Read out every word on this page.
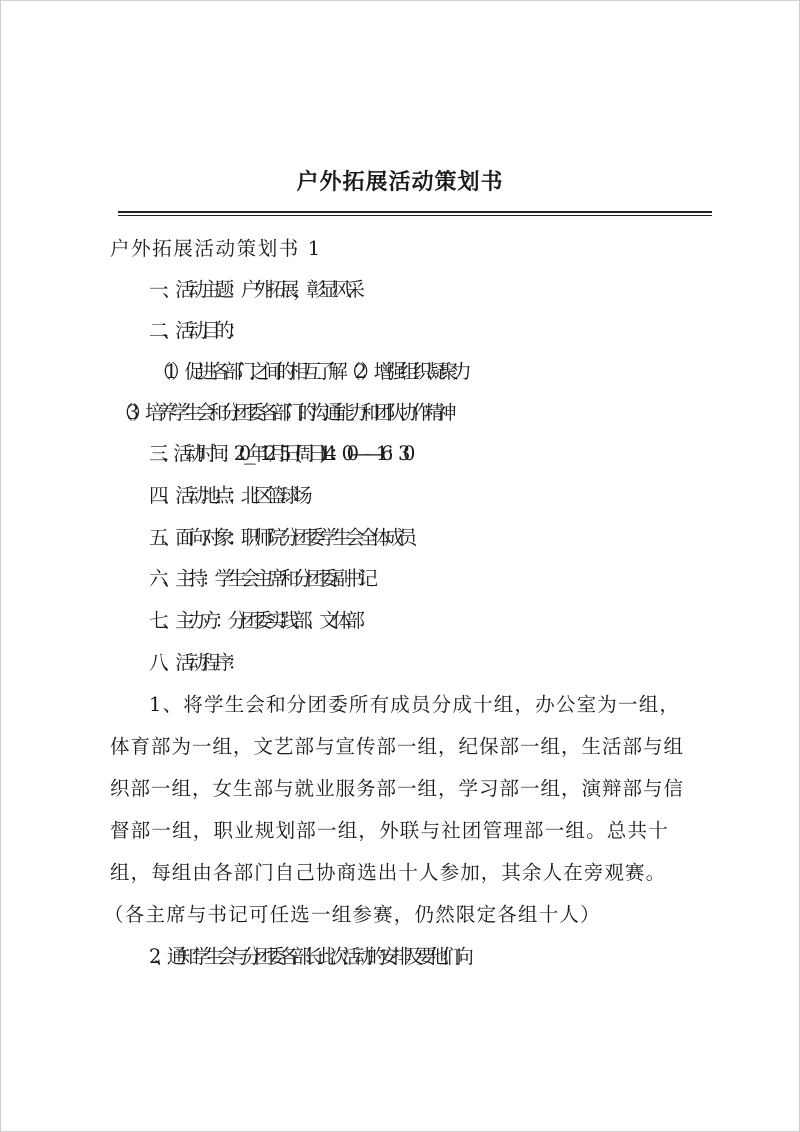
户外拓展活动策划书
户外拓展活动策划书 1
一、活动主题：户外拓展，彰显风采
二、活动目的：
（1）促进各部门之间的相互了解（2）增强组织凝聚力
（3）培养学生会和分团委各部门的沟通能力和团队协作精神
三、活动时间：20__年 12 月 5 日(周日)14：00——16：30
四、活动地点：北区篮球场
五、面向对象：职师院分团委学生会全体成员
六、主持：学生会主席和分团委副书记
七、主办方：分团委实践部、文体部
八、活动程序：
1、将学生会和分团委所有成员分成十组，办公室为一组，
体育部为一组，文艺部与宣传部一组，纪保部一组，生活部与组
织部一组，女生部与就业服务部一组，学习部一组，演辩部与信
督部一组，职业规划部一组，外联与社团管理部一组。总共十
组，每组由各部门自己协商选出十人参加，其余人在旁观赛。
（各主席与书记可任选一组参赛，仍然限定各组十人）
2、通知学生会与分团委各部长此次活动的安排及要他们向
